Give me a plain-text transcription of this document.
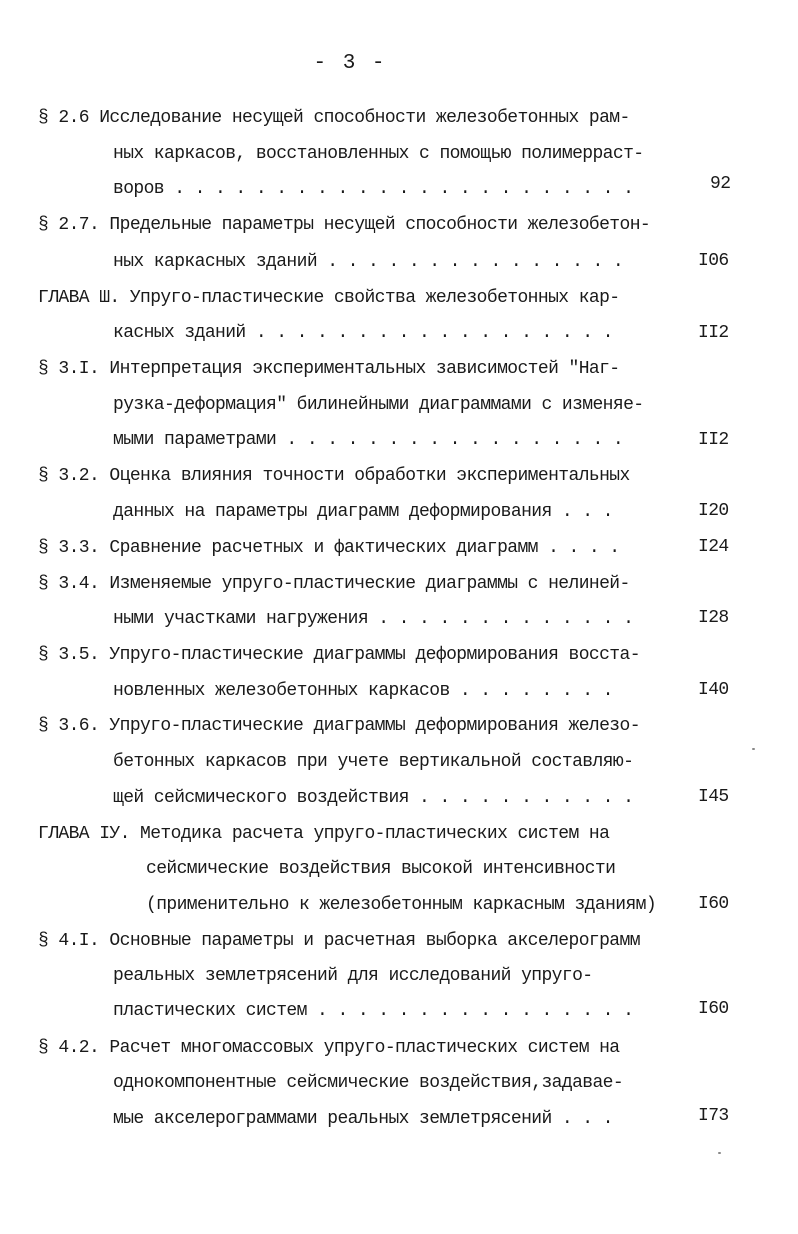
- 3 -
§ 2.6 Исследование несущей способности железобетонных рам-
ных каркасов, восстановленных с помощью полимерраст-
воров . . . . . . . . . . . . . . . . . . . . . . .	92
§ 2.7. Предельные параметры несущей способности железобетон-
ных каркасных зданий . . . . . . . . . . . . . . .	I06
ГЛАВА Ш. Упруго-пластические свойства железобетонных кар-
касных зданий . . . . . . . . . . . . . . . . . .	II2
§ 3.I. Интерпретация экспериментальных зависимостей "Наг-
рузка-деформация" билинейными диаграммами с изменяе-
мыми параметрами . . . . . . . . . . . . . . . . .	II2
§ 3.2. Оценка влияния точности обработки экспериментальных
данных на параметры диаграмм деформирования . . .	I20
§ 3.3. Сравнение расчетных и фактических диаграмм . . . .	I24
§ 3.4. Изменяемые упруго-пластические диаграммы с нелиней-
ными участками нагружения . . . . . . . . . . . . .	I28
§ 3.5. Упруго-пластические диаграммы деформирования восста-
новленных железобетонных каркасов . . . . . . . .	I40
§ 3.6. Упруго-пластические диаграммы деформирования железо-
бетонных каркасов при учете вертикальной составляю-
щей сейсмического воздействия . . . . . . . . . . .	I45
ГЛАВА IУ. Методика расчета упруго-пластических систем на
сейсмические воздействия высокой интенсивности
(применительно к железобетонным каркасным зданиям) I60
§ 4.I. Основные параметры и расчетная выборка акселерограмм
реальных землетрясений для исследований упруго-
пластических систем . . . . . . . . . . . . . . . .	I60
§ 4.2. Расчет многомассовых упруго-пластических систем на
однокомпонентные сейсмические воздействия,задавае-
мые акселерограммами реальных землетрясений . . .	I73
